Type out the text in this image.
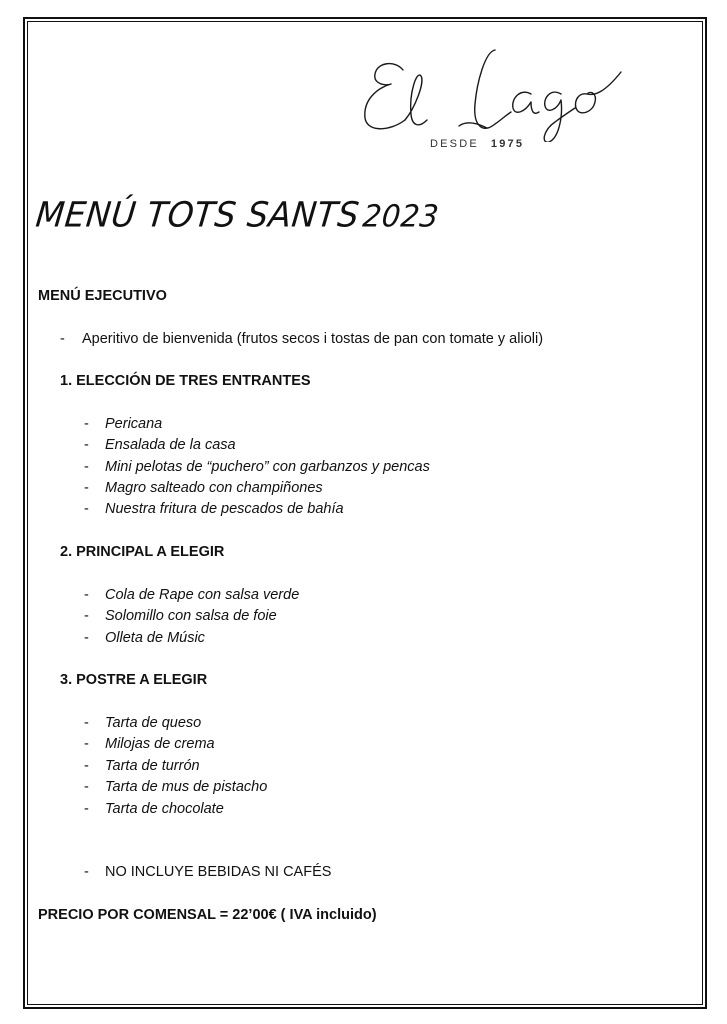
DESDE 1975
MENÚ TOTS SANTS2023
MENÚ EJECUTIVO
- Aperitivo de bienvenida (frutos secos i tostas de pan con tomate y alioli)
1. ELECCIÓN DE TRES ENTRANTES
- Pericana
- Ensalada de la casa
- Mini pelotas de “puchero” con garbanzos y pencas
- Magro salteado con champiñones
- Nuestra fritura de pescados de bahía
2. PRINCIPAL A ELEGIR
- Cola de Rape con salsa verde
- Solomillo con salsa de foie
- Olleta de Músic
3. POSTRE A ELEGIR
- Tarta de queso
- Milojas de crema
- Tarta de turrón
- Tarta de mus de pistacho
- Tarta de chocolate
- NO INCLUYE BEBIDAS NI CAFÉS
PRECIO POR COMENSAL = 22’00€ ( IVA incluido)
